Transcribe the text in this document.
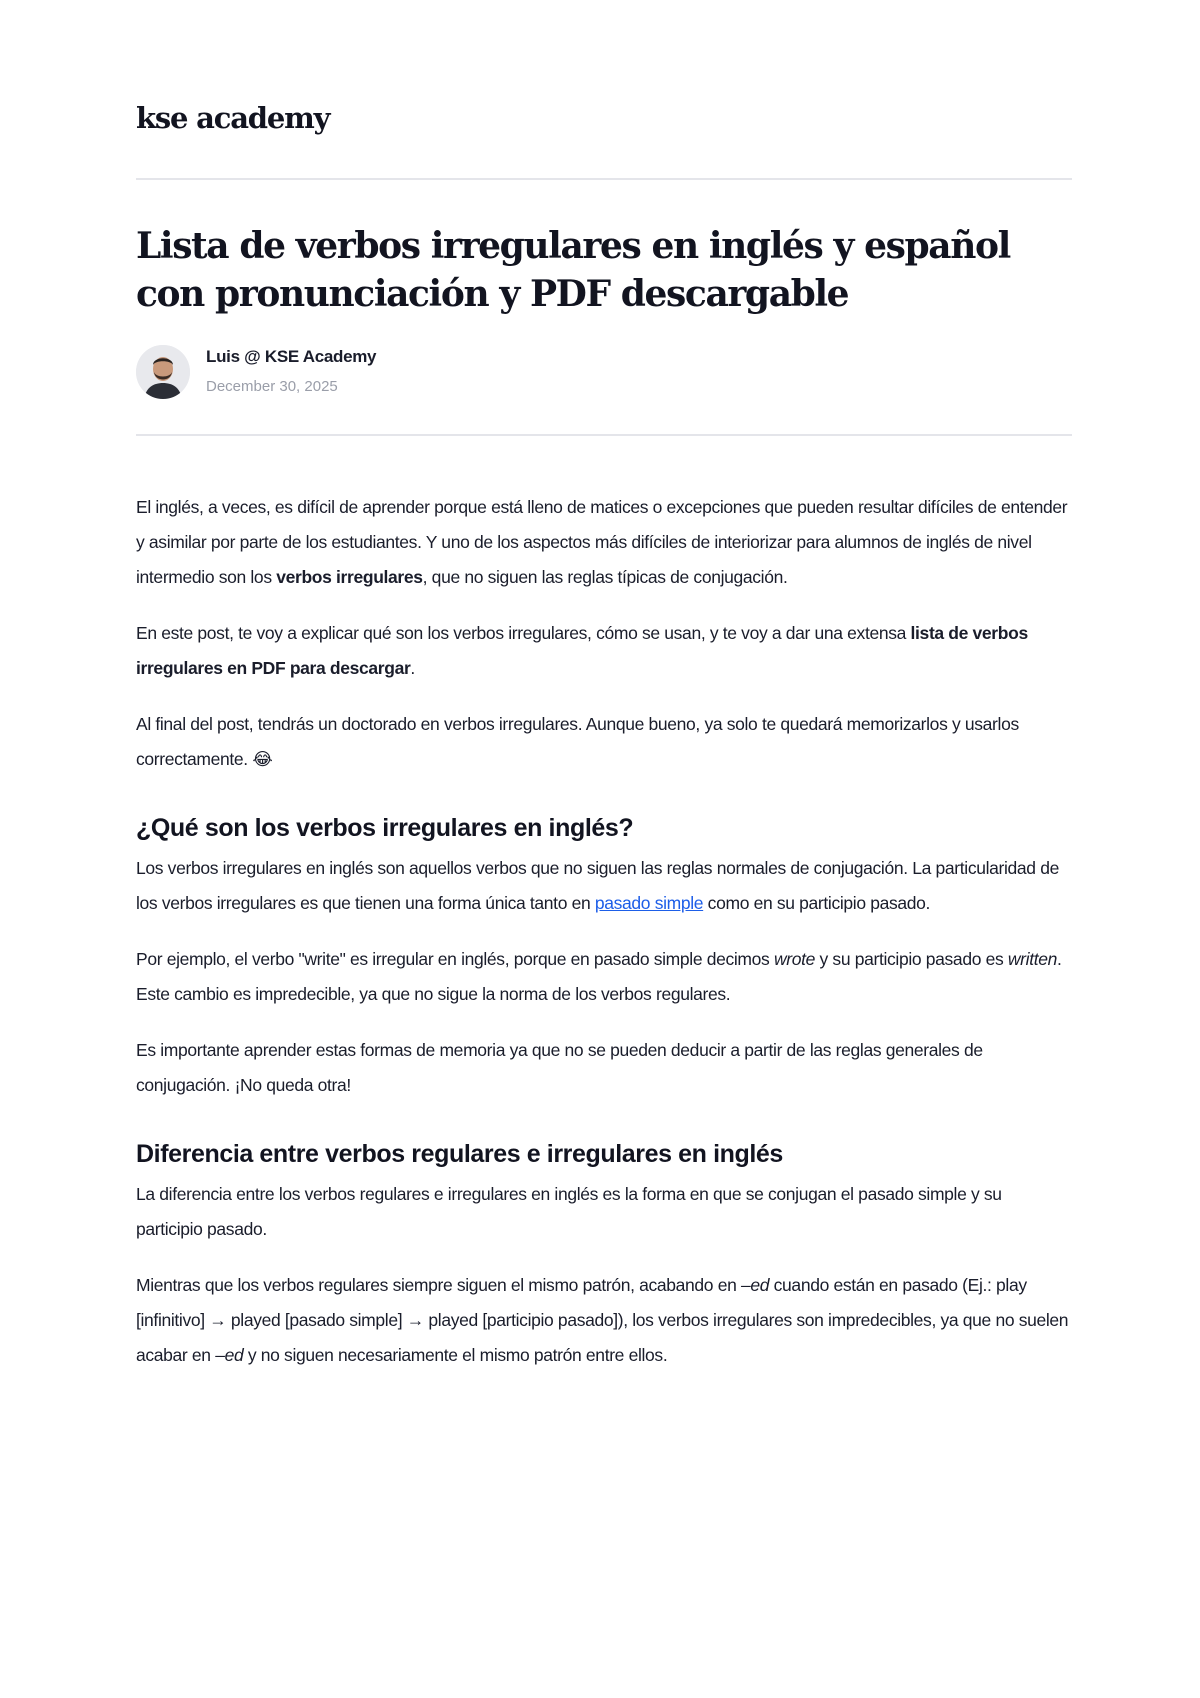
kse academy
Lista de verbos irregulares en inglés y español con pronunciación y PDF descargable
Luis @ KSE Academy
December 30, 2025

El inglés, a veces, es difícil de aprender porque está lleno de matices o excepciones que pueden resultar difíciles de entender y asimilar por parte de los estudiantes. Y uno de los aspectos más difíciles de interiorizar para alumnos de inglés de nivel intermedio son los verbos irregulares, que no siguen las reglas típicas de conjugación.

En este post, te voy a explicar qué son los verbos irregulares, cómo se usan, y te voy a dar una extensa lista de verbos irregulares en PDF para descargar.

Al final del post, tendrás un doctorado en verbos irregulares. Aunque bueno, ya solo te quedará memorizarlos y usarlos correctamente. 😂

¿Qué son los verbos irregulares en inglés?

Los verbos irregulares en inglés son aquellos verbos que no siguen las reglas normales de conjugación. La particularidad de los verbos irregulares es que tienen una forma única tanto en pasado simple como en su participio pasado.

Por ejemplo, el verbo "write" es irregular en inglés, porque en pasado simple decimos wrote y su participio pasado es written. Este cambio es impredecible, ya que no sigue la norma de los verbos regulares.

Es importante aprender estas formas de memoria ya que no se pueden deducir a partir de las reglas generales de conjugación. ¡No queda otra!

Diferencia entre verbos regulares e irregulares en inglés

La diferencia entre los verbos regulares e irregulares en inglés es la forma en que se conjugan el pasado simple y su participio pasado.

Mientras que los verbos regulares siempre siguen el mismo patrón, acabando en –ed cuando están en pasado (Ej.: play [infinitivo] → played [pasado simple] → played [participio pasado]), los verbos irregulares son impredecibles, ya que no suelen acabar en –ed y no siguen necesariamente el mismo patrón entre ellos.
